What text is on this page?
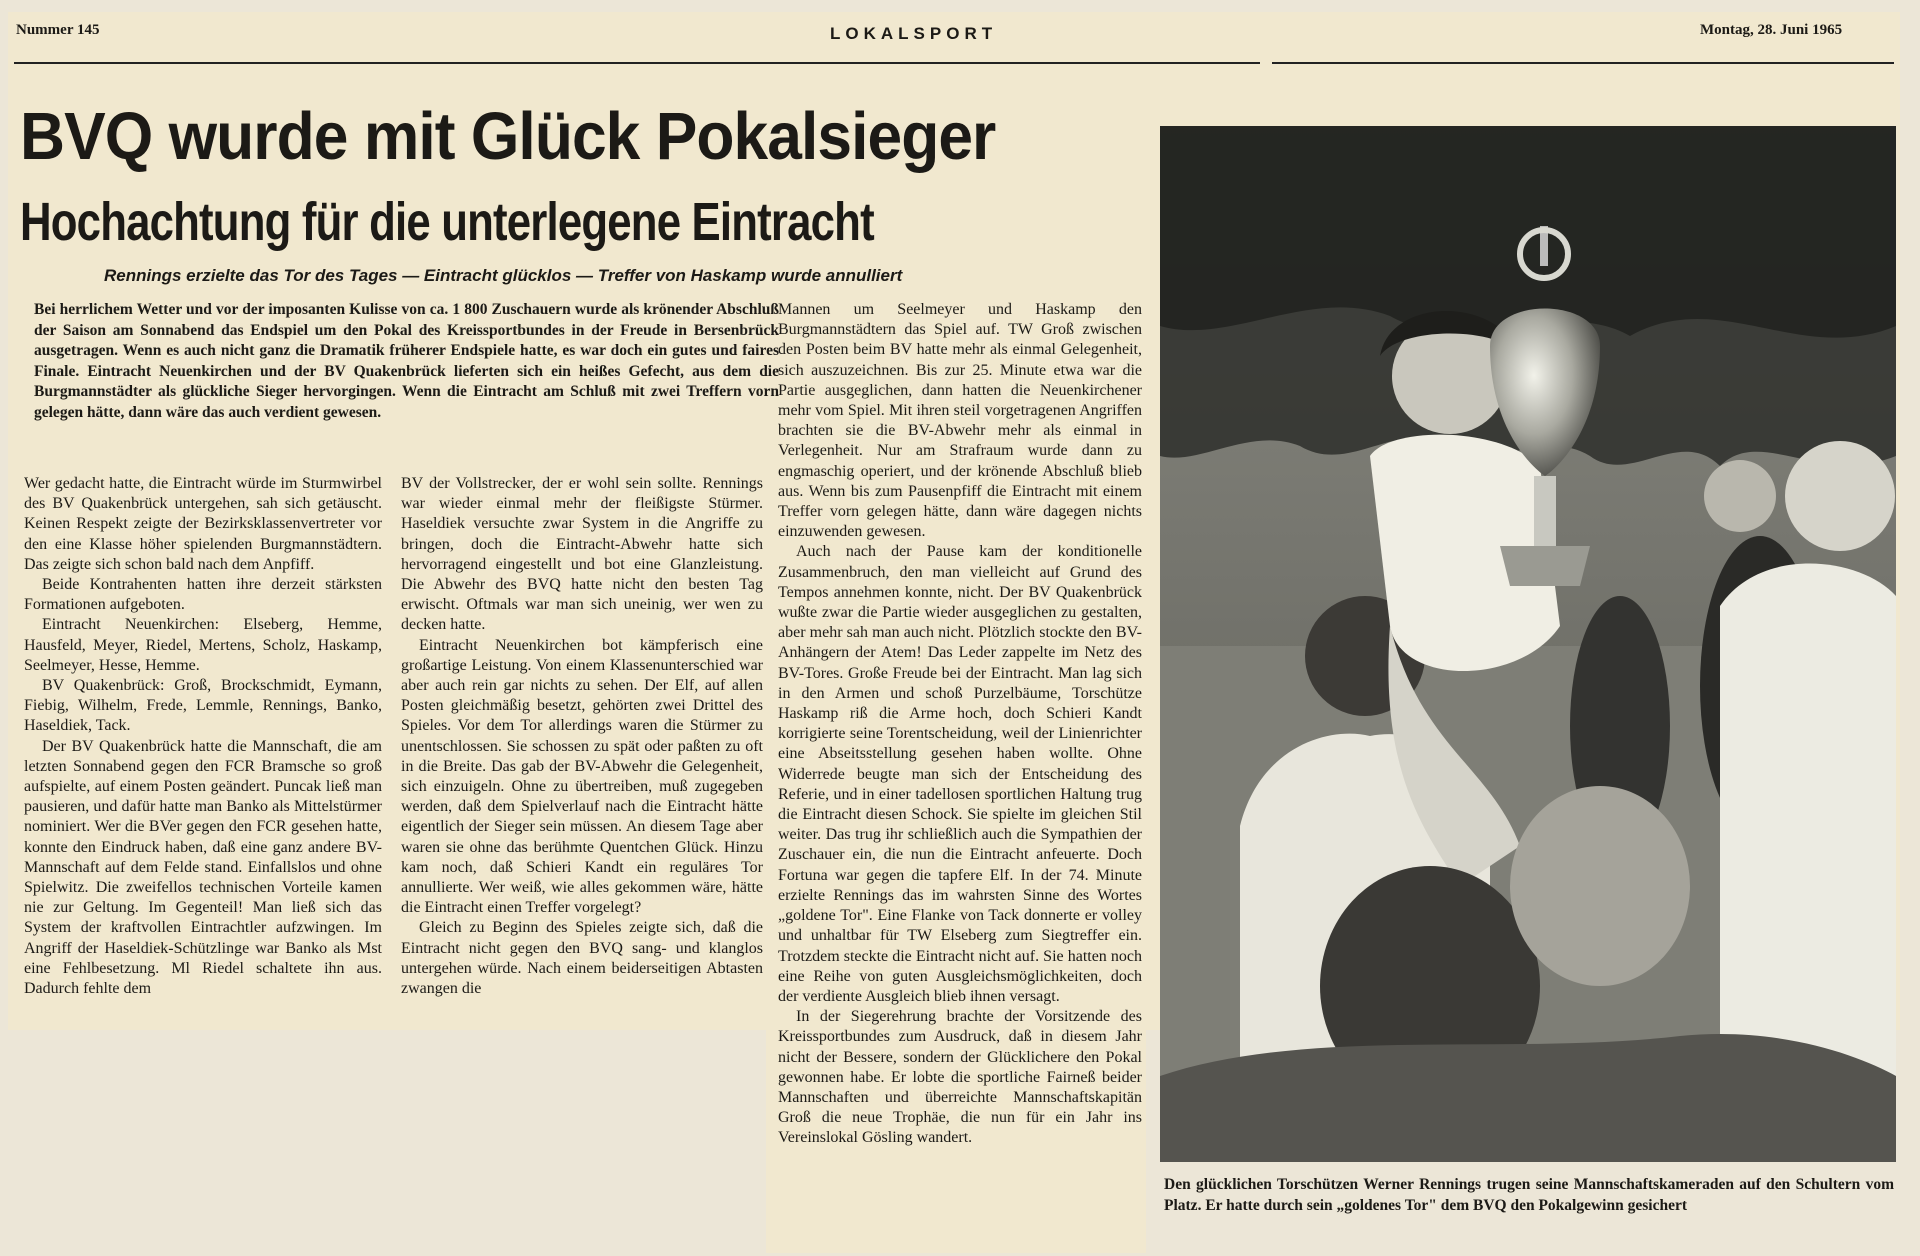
Nummer 145	LOKALSPORT	Montag, 28. Juni 1965
BVQ wurde mit Glück Pokalsieger
Hochachtung für die unterlegene Eintracht
Rennings erzielte das Tor des Tages — Eintracht glücklos — Treffer von Haskamp wurde annulliert
Bei herrlichem Wetter und vor der imposanten Kulisse von ca. 1 800 Zuschauern wurde als krönender Abschluß der Saison am Sonnabend das Endspiel um den Pokal des Kreissportbundes in der Freude in Bersenbrück ausgetragen. Wenn es auch nicht ganz die Dramatik früherer Endspiele hatte, es war doch ein gutes und faires Finale. Eintracht Neuenkirchen und der BV Quakenbrück lieferten sich ein heißes Gefecht, aus dem die Burgmannstädter als glückliche Sieger hervorgingen. Wenn die Eintracht am Schluß mit zwei Treffern vorn gelegen hätte, dann wäre das auch verdient gewesen.

Wer gedacht hatte, die Eintracht würde im Sturmwirbel des BV Quakenbrück untergehen, sah sich getäuscht. Keinen Respekt zeigte der Bezirksklassenvertreter vor den eine Klasse höher spielenden Burgmannstädtern. Das zeigte sich schon bald nach dem Anpfiff.

Beide Kontrahenten hatten ihre derzeit stärksten Formationen aufgeboten.

Eintracht Neuenkirchen: Elseberg, Hemme, Hausfeld, Meyer, Riedel, Mertens, Scholz, Haskamp, Seelmeyer, Hesse, Hemme.

BV Quakenbrück: Groß, Brockschmidt, Eymann, Fiebig, Wilhelm, Frede, Lemmle, Rennings, Banko, Haseldiek, Tack.

Der BV Quakenbrück hatte die Mannschaft, die am letzten Sonnabend gegen den FCR Bramsche so groß aufspielte, auf einem Posten geändert. Puncak ließ man pausieren, und dafür hatte man Banko als Mittelstürmer nominiert. Wer die BVer gegen den FCR gesehen hatte, konnte den Eindruck haben, daß eine ganz andere BV-Mannschaft auf dem Felde stand. Einfallslos und ohne Spielwitz. Die zweifellos technischen Vorteile kamen nie zur Geltung. Im Gegenteil! Man ließ sich das System der kraftvollen Eintrachtler aufzwingen. Im Angriff der Haseldiek-Schützlinge war Banko als Mst eine Fehlbesetzung. Ml Riedel schaltete ihn aus. Dadurch fehlte dem

BV der Vollstrecker, der er wohl sein sollte. Rennings war wieder einmal mehr der fleißigste Stürmer. Haseldiek versuchte zwar System in die Angriffe zu bringen, doch die Eintracht-Abwehr hatte sich hervorragend eingestellt und bot eine Glanzleistung. Die Abwehr des BVQ hatte nicht den besten Tag erwischt. Oftmals war man sich uneinig, wer wen zu decken hatte.

Eintracht Neuenkirchen bot kämpferisch eine großartige Leistung. Von einem Klassenunterschied war aber auch rein gar nichts zu sehen. Der Elf, auf allen Posten gleichmäßig besetzt, gehörten zwei Drittel des Spieles. Vor dem Tor allerdings waren die Stürmer zu unentschlossen. Sie schossen zu spät oder paßten zu oft in die Breite. Das gab der BV-Abwehr die Gelegenheit, sich einzuigeln. Ohne zu übertreiben, muß zugegeben werden, daß dem Spielverlauf nach die Eintracht hätte eigentlich der Sieger sein müssen. An diesem Tage aber waren sie ohne das berühmte Quentchen Glück. Hinzu kam noch, daß Schieri Kandt ein reguläres Tor annullierte. Wer weiß, wie alles gekommen wäre, hätte die Eintracht einen Treffer vorgelegt?

Gleich zu Beginn des Spieles zeigte sich, daß die Eintracht nicht gegen den BVQ sang- und klanglos untergehen würde. Nach einem beiderseitigen Abtasten zwangen die

Mannen um Seelmeyer und Haskamp den Burgmannstädtern das Spiel auf. TW Groß zwischen den Posten beim BV hatte mehr als einmal Gelegenheit, sich auszuzeichnen. Bis zur 25. Minute etwa war die Partie ausgeglichen, dann hatten die Neuenkirchener mehr vom Spiel. Mit ihren steil vorgetragenen Angriffen brachten sie die BV-Abwehr mehr als einmal in Verlegenheit. Nur am Strafraum wurde dann zu engmaschig operiert, und der krönende Abschluß blieb aus. Wenn bis zum Pausenpfiff die Eintracht mit einem Treffer vorn gelegen hätte, dann wäre dagegen nichts einzuwenden gewesen.

Auch nach der Pause kam der konditionelle Zusammenbruch, den man vielleicht auf Grund des Tempos annehmen konnte, nicht. Der BV Quakenbrück wußte zwar die Partie wieder ausgeglichen zu gestalten, aber mehr sah man auch nicht. Plötzlich stockte den BV-Anhängern der Atem! Das Leder zappelte im Netz des BV-Tores. Große Freude bei der Eintracht. Man lag sich in den Armen und schoß Purzelbäume, Torschütze Haskamp riß die Arme hoch, doch Schieri Kandt korrigierte seine Torentscheidung, weil der Linienrichter eine Abseitsstellung gesehen haben wollte. Ohne Widerrede beugte man sich der Entscheidung des Referie, und in einer tadellosen sportlichen Haltung trug die Eintracht diesen Schock. Sie spielte im gleichen Stil weiter. Das trug ihr schließlich auch die Sympathien der Zuschauer ein, die nun die Eintracht anfeuerte. Doch Fortuna war gegen die tapfere Elf. In der 74. Minute erzielte Rennings das im wahrsten Sinne des Wortes „goldene Tor". Eine Flanke von Tack donnerte er volley und unhaltbar für TW Elseberg zum Siegtreffer ein. Trotzdem steckte die Eintracht nicht auf. Sie hatten noch eine Reihe von guten Ausgleichsmöglichkeiten, doch der verdiente Ausgleich blieb ihnen versagt.

In der Siegerehrung brachte der Vorsitzende des Kreissportbundes zum Ausdruck, daß in diesem Jahr nicht der Bessere, sondern der Glücklichere den Pokal gewonnen habe. Er lobte die sportliche Fairneß beider Mannschaften und überreichte Mannschaftskapitän Groß die neue Trophäe, die nun für ein Jahr ins Vereinslokal Gösling wandert.

Den glücklichen Torschützen Werner Rennings trugen seine Mannschaftskameraden auf den Schultern vom Platz. Er hatte durch sein „goldenes Tor" dem BVQ den Pokalgewinn gesichert
